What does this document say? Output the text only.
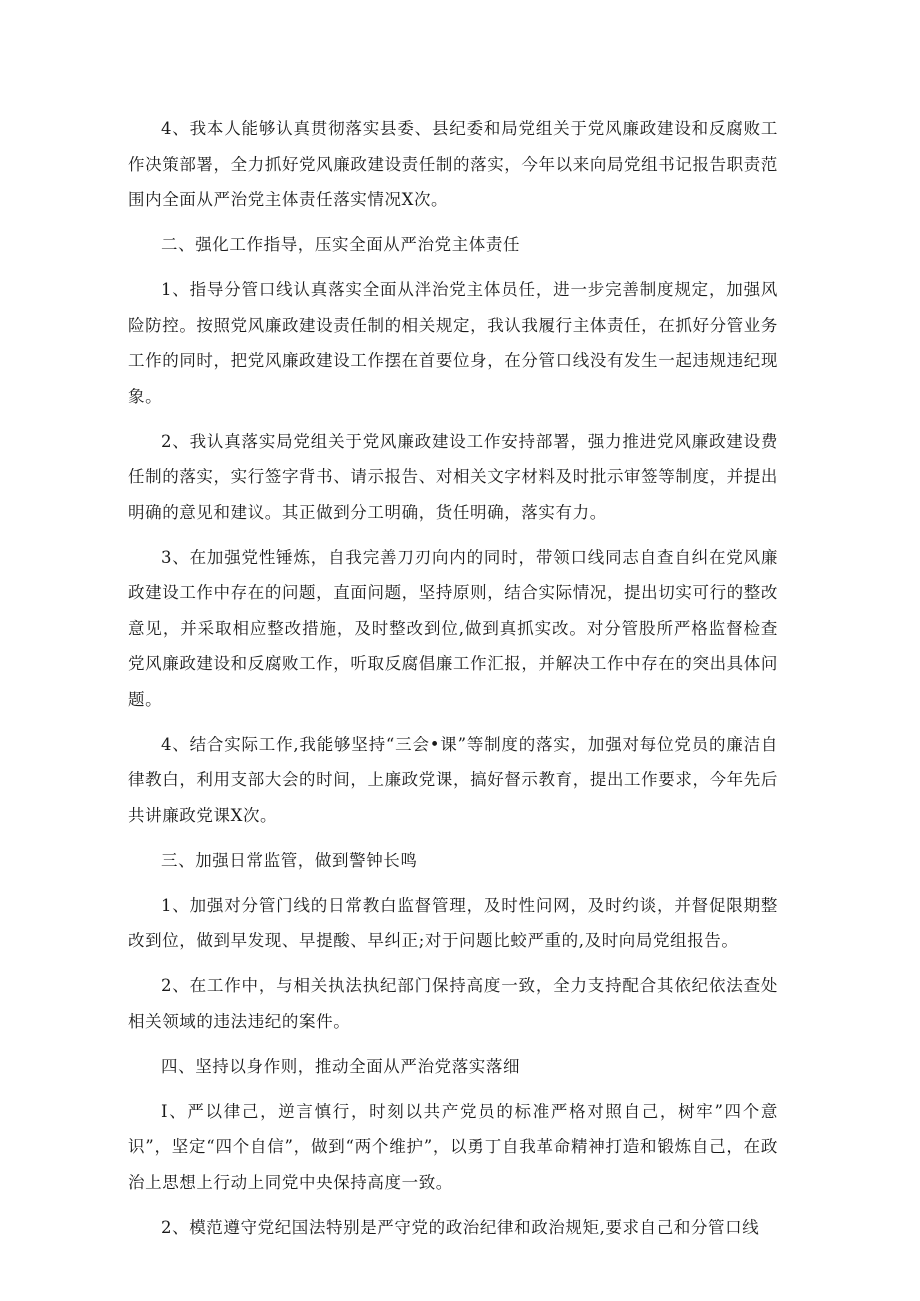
4、我本人能够认真贯彻落实县委、县纪委和局党组关于党风廉政建设和反腐败工作决策部署，全力抓好党风廉政建设责任制的落实，今年以来向局党组书记报告职责范围内全面从严治党主体责任落实情况X次。

二、强化工作指导，压实全面从严治党主体责任

1、指导分管口线认真落实全面从泮治党主体员任，进一步完善制度规定，加强风险防控。按照党风廉政建设责任制的相关规定，我认我履行主体责任，在抓好分管业务工作的同时，把党风廉政建设工作摆在首要位身，在分管口线没有发生一起违规违纪现象。

2、我认真落实局党组关于党风廉政建设工作安持部署，强力推进党风廉政建设费任制的落实，实行签字背书、请示报告、对相关文字材料及时批示审签等制度，并提出明确的意见和建议。其正做到分工明确，货任明确，落实有力。

3、在加强党性锤炼，自我完善刀刃向内的同时，带领口线同志自查自纠在党风廉政建设工作中存在的问题，直面问题，坚持原则，结合实际情况，提出切实可行的整改意见，并采取相应整改措施，及时整改到位,做到真抓实改。对分管股所严格监督检查党风廉政建设和反腐败工作，听取反腐倡廉工作汇报，并解决工作中存在的突出具体问题。

4、结合实际工作,我能够坚持“三会•课”等制度的落实，加强对每位党员的廉洁自律教白，利用支部大会的时间，上廉政党课，搞好督示教育，提出工作要求，今年先后共讲廉政党课X次。

三、加强日常监管，做到警钟长鸣

1、加强对分管门线的日常教白监督管理，及时性问网，及时约谈，并督促限期整改到位，做到早发现、早提酸、早纠正;对于问题比蛟严重的,及时向局党组报告。

2、在工作中，与相关执法执纪部门保持高度一致，全力支持配合其依纪依法查处相关领域的违法违纪的案件。

四、坚持以身作则，推动全面从严治党落实落细

I、严以律己，逆言慎行，时刻以共产党员的标准严格对照自己，树牢”四个意识”，坚定“四个自信”，做到“两个维护”，以勇丁自我革命精神打造和锻炼自己，在政治上思想上行动上同党中央保持高度一致。

2、模范遵守党纪国法特别是严守党的政治纪律和政治规矩,要求自己和分管口线
